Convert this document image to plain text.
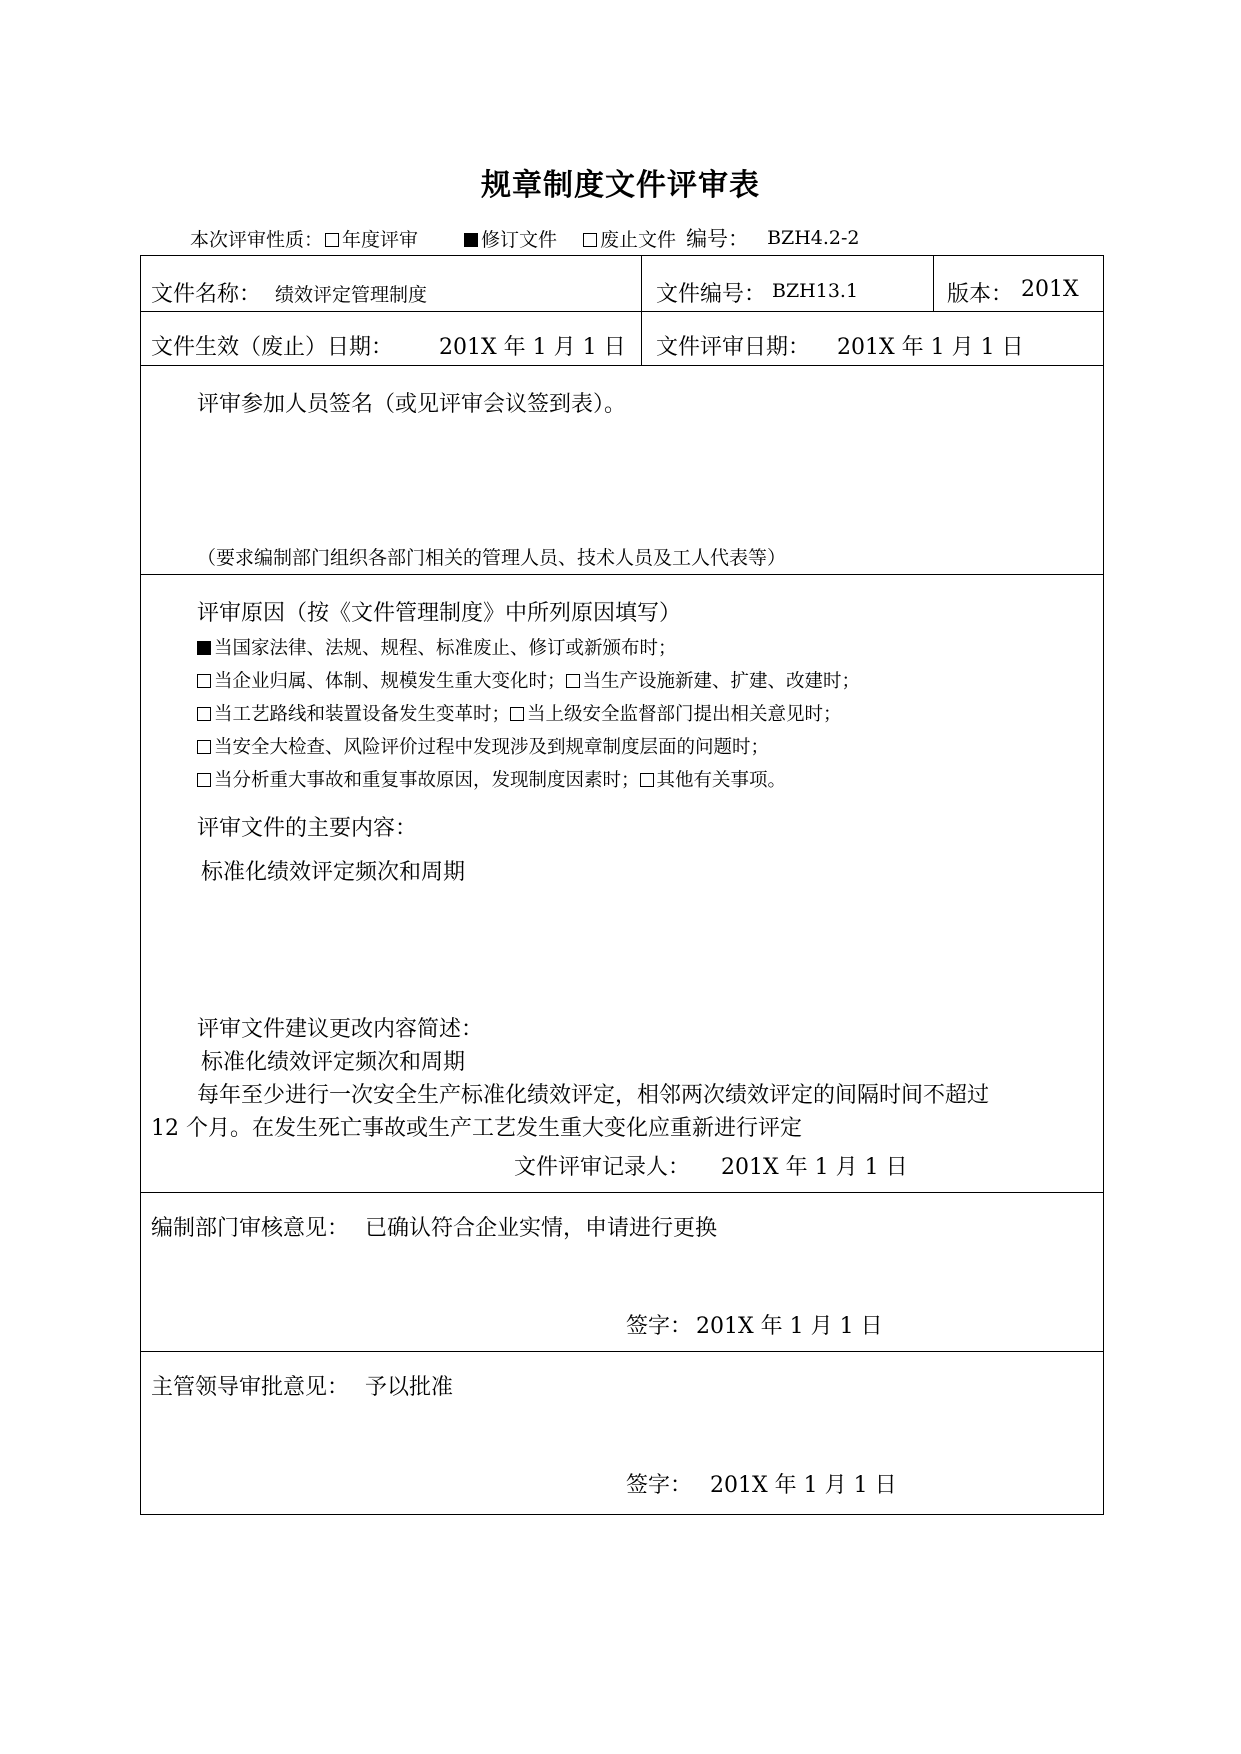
规章制度文件评审表
本次评审性质：	年度评审	修订文件	废止文件 编号： BZH4.2-2
文件名称： 绩效评定管理制度	文件编号： BZH13.1	版本： 201X
文件生效（废止）日期： 201X 年 1 月 1 日 文件评审日期： 201X 年 1 月 1 日
评审参加人员签名（或见评审会议签到表）。
（要求编制部门组织各部门相关的管理人员、技术人员及工人代表等）
评审原因（按《文件管理制度》中所列原因填写）
当国家法律、法规、规程、标准废止、修订或新颁布时；
当企业归属、体制、规模发生重大变化时； 当生产设施新建、扩建、改建时；
当工艺路线和装置设备发生变革时； 当上级安全监督部门提出相关意见时；
当安全大检查、风险评价过程中发现涉及到规章制度层面的问题时；
当分析重大事故和重复事故原因，发现制度因素时； 其他有关事项。
评审文件的主要内容：
标准化绩效评定频次和周期
评审文件建议更改内容简述：
标准化绩效评定频次和周期
每年至少进行一次安全生产标准化绩效评定，相邻两次绩效评定的间隔时间不超过
12 个月。在发生死亡事故或生产工艺发生重大变化应重新进行评定
文件评审记录人： 201X 年 1 月 1 日
编制部门审核意见： 已确认符合企业实情，申请进行更换
签字： 201X 年 1 月 1 日
主管领导审批意见： 予以批准
签字： 201X 年 1 月 1 日
